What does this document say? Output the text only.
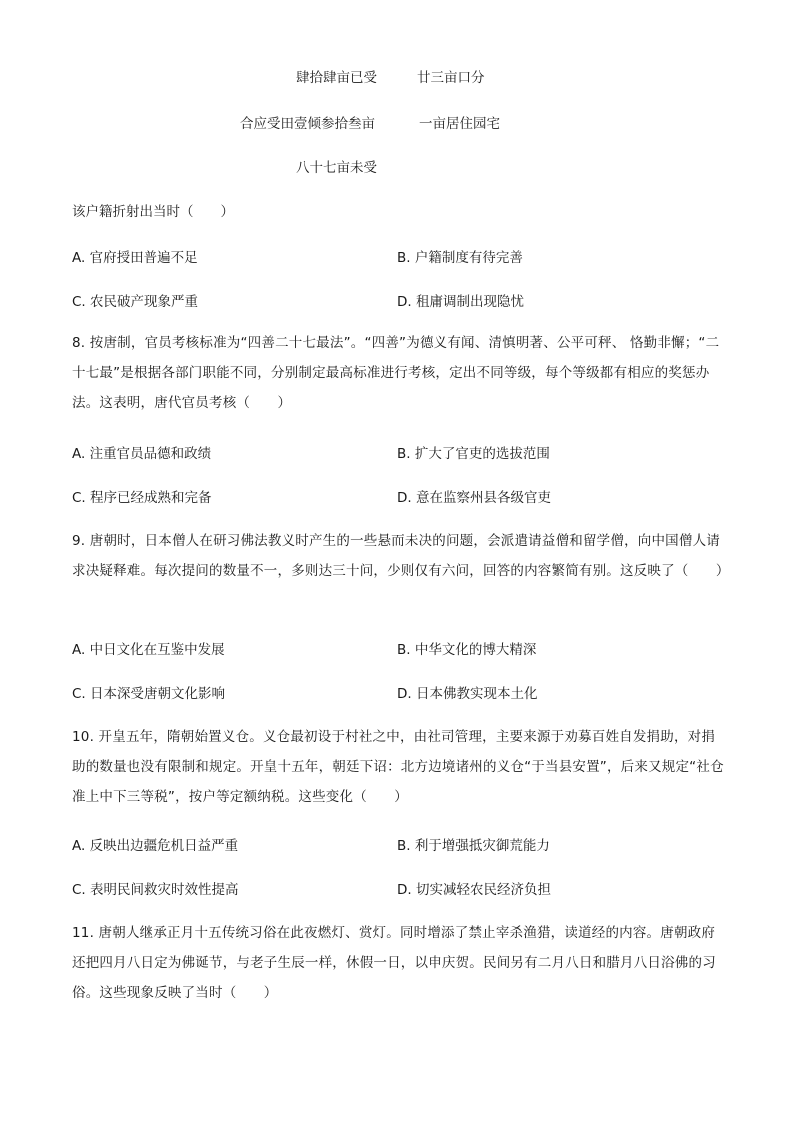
肆拾肆亩已受	廿三亩口分
合应受田壹倾参拾叁亩	一亩居住园宅
八十七亩未受
该户籍折射出当时（　　）
A. 官府授田普遍不足	B. 户籍制度有待完善
C. 农民破产现象严重	D. 租庸调制出现隐忧
8. 按唐制，官员考核标准为“四善二十七最法”。“四善”为德义有闻、清慎明著、公平可秤、 恪勤非懈；“二十七最”是根据各部门职能不同，分别制定最高标准进行考核，定出不同等级，每个等级都有相应的奖惩办法。这表明，唐代官员考核（　　）
A. 注重官员品德和政绩	B. 扩大了官吏的选拔范围
C. 程序已经成熟和完备	D. 意在监察州县各级官吏
9. 唐朝时，日本僧人在研习佛法教义时产生的一些悬而未决的问题，会派遣请益僧和留学僧，向中国僧人请求决疑释难。每次提问的数量不一，多则达三十问，少则仅有六问，回答的内容繁简有别。这反映了（　　）
A. 中日文化在互鉴中发展	B. 中华文化的博大精深
C. 日本深受唐朝文化影响	D. 日本佛教实现本土化
10. 开皇五年，隋朝始置义仓。义仓最初设于村社之中，由社司管理，主要来源于劝募百姓自发捐助，对捐助的数量也没有限制和规定。开皇十五年，朝廷下诏：北方边境诸州的义仓“于当县安置”，后来又规定“社仓准上中下三等税”，按户等定额纳税。这些变化（　　）
A. 反映出边疆危机日益严重	B. 利于增强抵灾御荒能力
C. 表明民间救灾时效性提高	D. 切实减轻农民经济负担
11. 唐朝人继承正月十五传统习俗在此夜燃灯、赏灯。同时增添了禁止宰杀渔猎，读道经的内容。唐朝政府还把四月八日定为佛诞节，与老子生辰一样，休假一日，以申庆贺。民间另有二月八日和腊月八日浴佛的习俗。这些现象反映了当时（　　）
